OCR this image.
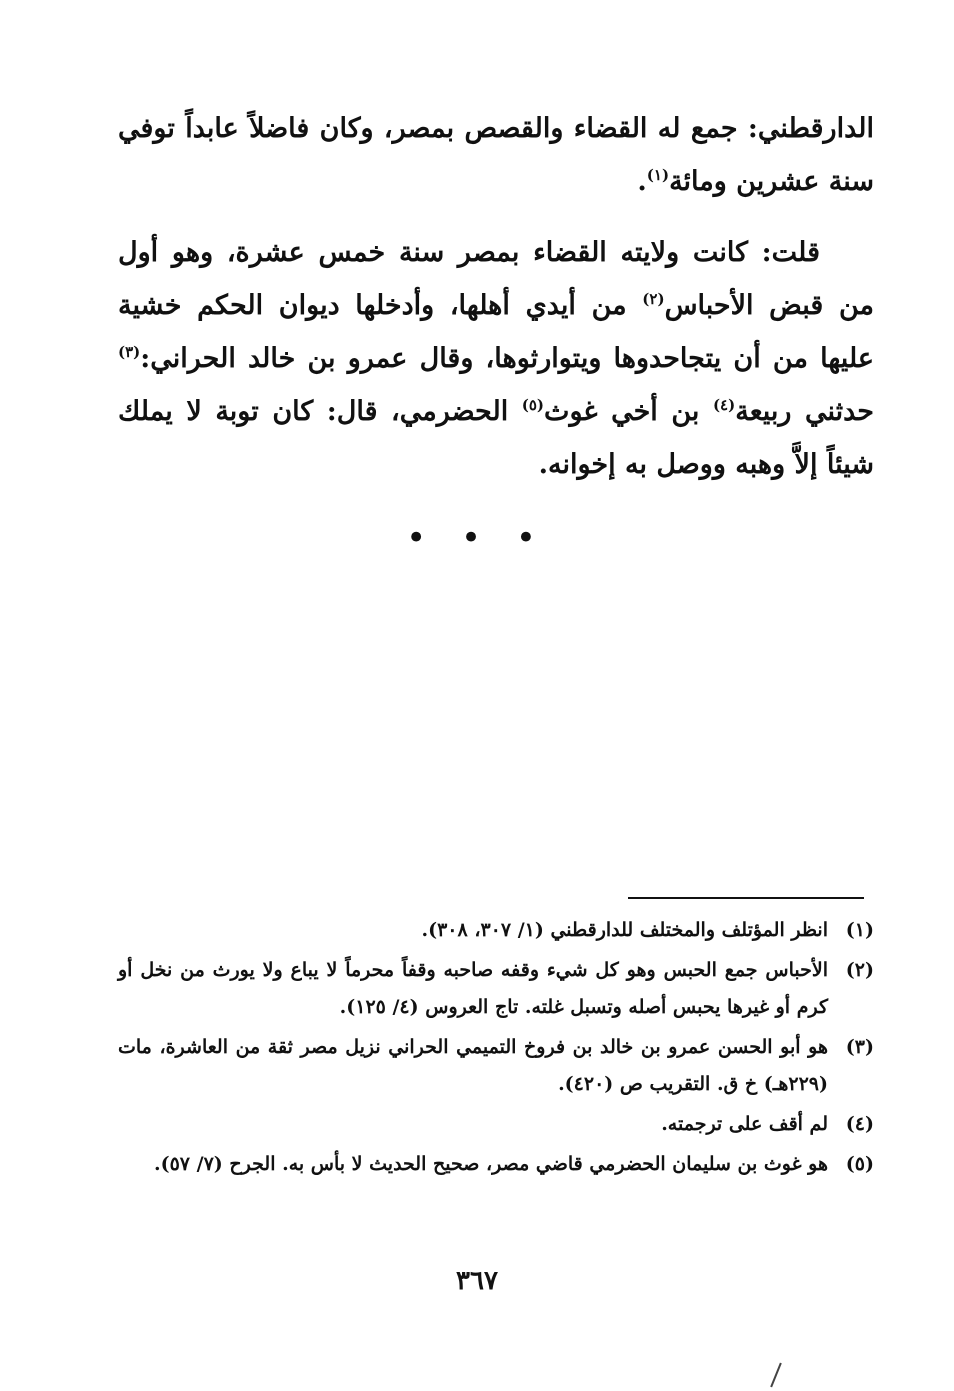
الدارقطني: جمع له القضاء والقصص بمصر، وكان فاضلاً عابداً توفي سنة عشرين ومائة$^{(١)}$.

قلت: كانت ولايته القضاء بمصر سنة خمس عشرة، وهو أول من قبض الأحباس$^{(٢)}$ من أيدي أهلها، وأدخلها ديوان الحكم خشية عليها من أن يتجاحدوها ويتوارثوها، وقال عمرو بن خالد الحراني:$^{(٣)}$ حدثني ربيعة$^{(٤)}$ بن أخي غوث$^{(٥)}$ الحضرمي، قال: كان توبة لا يملك شيئاً إلاَّ وهبه ووصل به إخوانه.

• • •
(١)
انظر المؤتلف والمختلف للدارقطني (١/ ٣٠٧، ٣٠٨).
(٢)
الأحباس جمع الحبس وهو كل شيء وقفه صاحبه وقفاً محرماً لا يباع ولا يورث من نخل أو كرم أو غيرها يحبس أصله وتسبل غلته. تاج العروس (٤/ ١٢٥).
(٣)
هو أبو الحسن عمرو بن خالد بن فروخ التميمي الحراني نزيل مصر ثقة من العاشرة، مات (٢٢٩هـ) خ ق. التقريب ص (٤٢٠).
(٤)
لم أقف على ترجمته.
(٥)
هو غوث بن سليمان الحضرمي قاضي مصر، صحيح الحديث لا بأس به. الجرح (٧/ ٥٧).
٣٦٧
